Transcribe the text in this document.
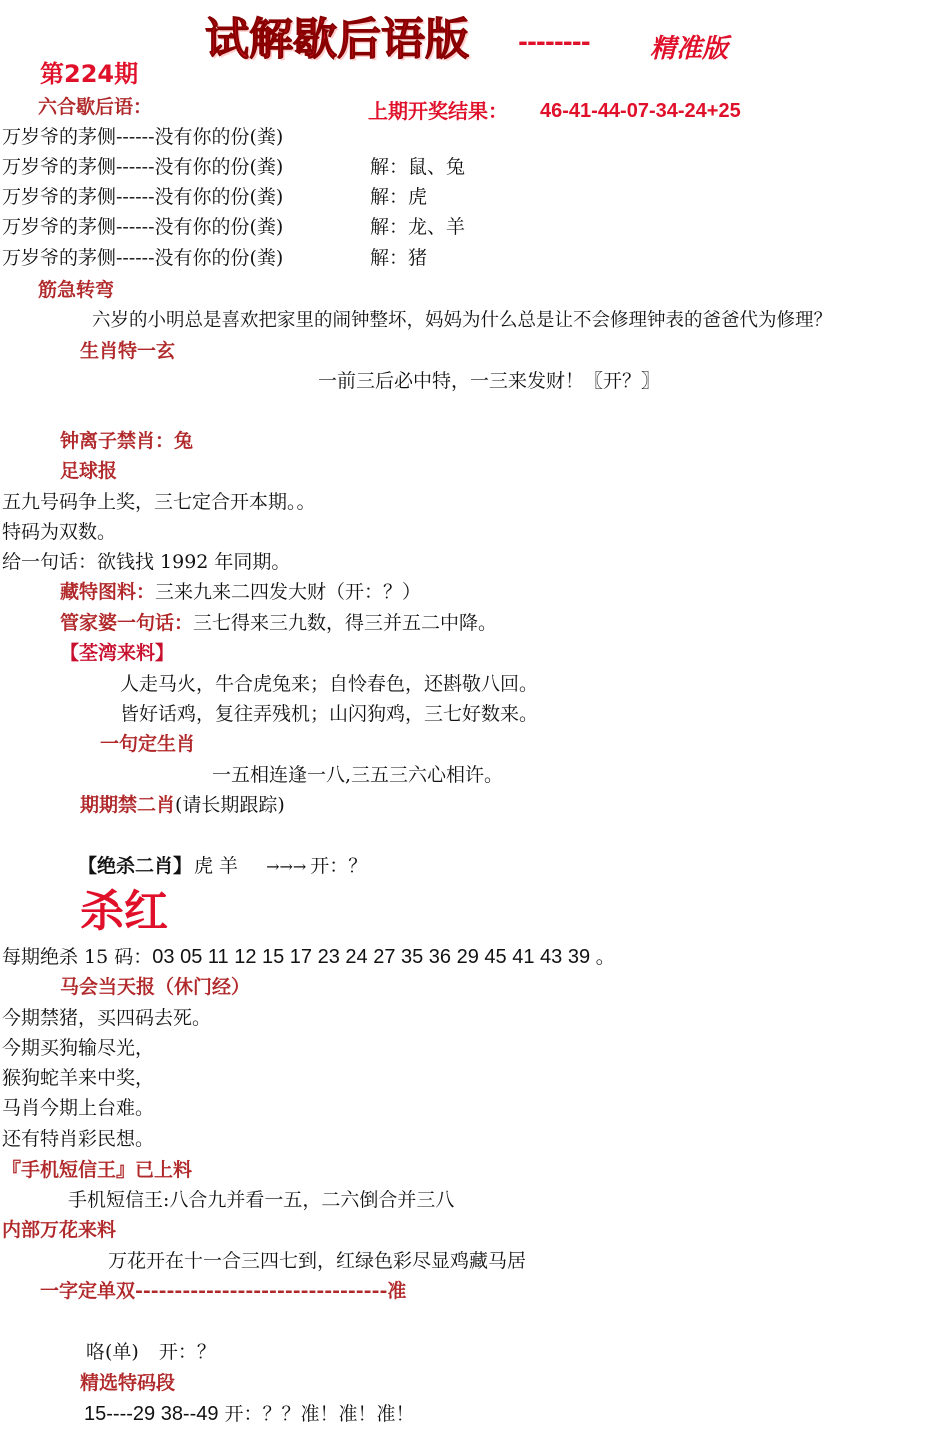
试解歇后语版 -------- 精准版
第224期
上期开奖结果： 46-41-44-07-34-24+25
六合歇后语：
万岁爷的茅侧------没有你的份(粪)
万岁爷的茅侧------没有你的份(粪)	解：鼠、兔
万岁爷的茅侧------没有你的份(粪)	解：虎
万岁爷的茅侧------没有你的份(粪)	解：龙、羊
万岁爷的茅侧------没有你的份(粪)	解：猪
筋急转弯
六岁的小明总是喜欢把家里的闹钟整坏，妈妈为什么总是让不会修理钟表的爸爸代为修理？
生肖特一玄
一前三后必中特，一三来发财！〖开？〗
钟离子禁肖：兔
足球报
五九号码争上奖，三七定合开本期。。
特码为双数。
给一句话：欲钱找 1992 年同期。
藏特图料：三来九来二四发大财（开：？）
管家婆一句话：三七得来三九数，得三并五二中降。
【荃湾来料】
人走马火，牛合虎兔来；自怜春色，还斟敬八回。
皆好话鸡，复往弄残机；山闪狗鸡，三七好数来。
一句定生肖
一五相连逢一八,三五三六心相许。
期期禁二肖(请长期跟踪)
【绝杀二肖】 虎 羊 →→→ 开：？
杀红
每期绝杀 15 码：03 05 11 12 15 17 23 24 27 35 36 29 45 41 43 39 。
马会当天报（休门经）
今期禁猪，买四码去死。
今期买狗输尽光，
猴狗蛇羊来中奖，
马肖今期上台难。
还有特肖彩民想。
『手机短信王』已上料
手机短信王:八合九并看一五，二六倒合并三八
内部万花来料
万花开在十一合三四七到，红绿色彩尽显鸡藏马居
一字定单双--------------------------------准
咯(单) 开：？
精选特码段
15----29 38--49 开：？？准！准！准！
